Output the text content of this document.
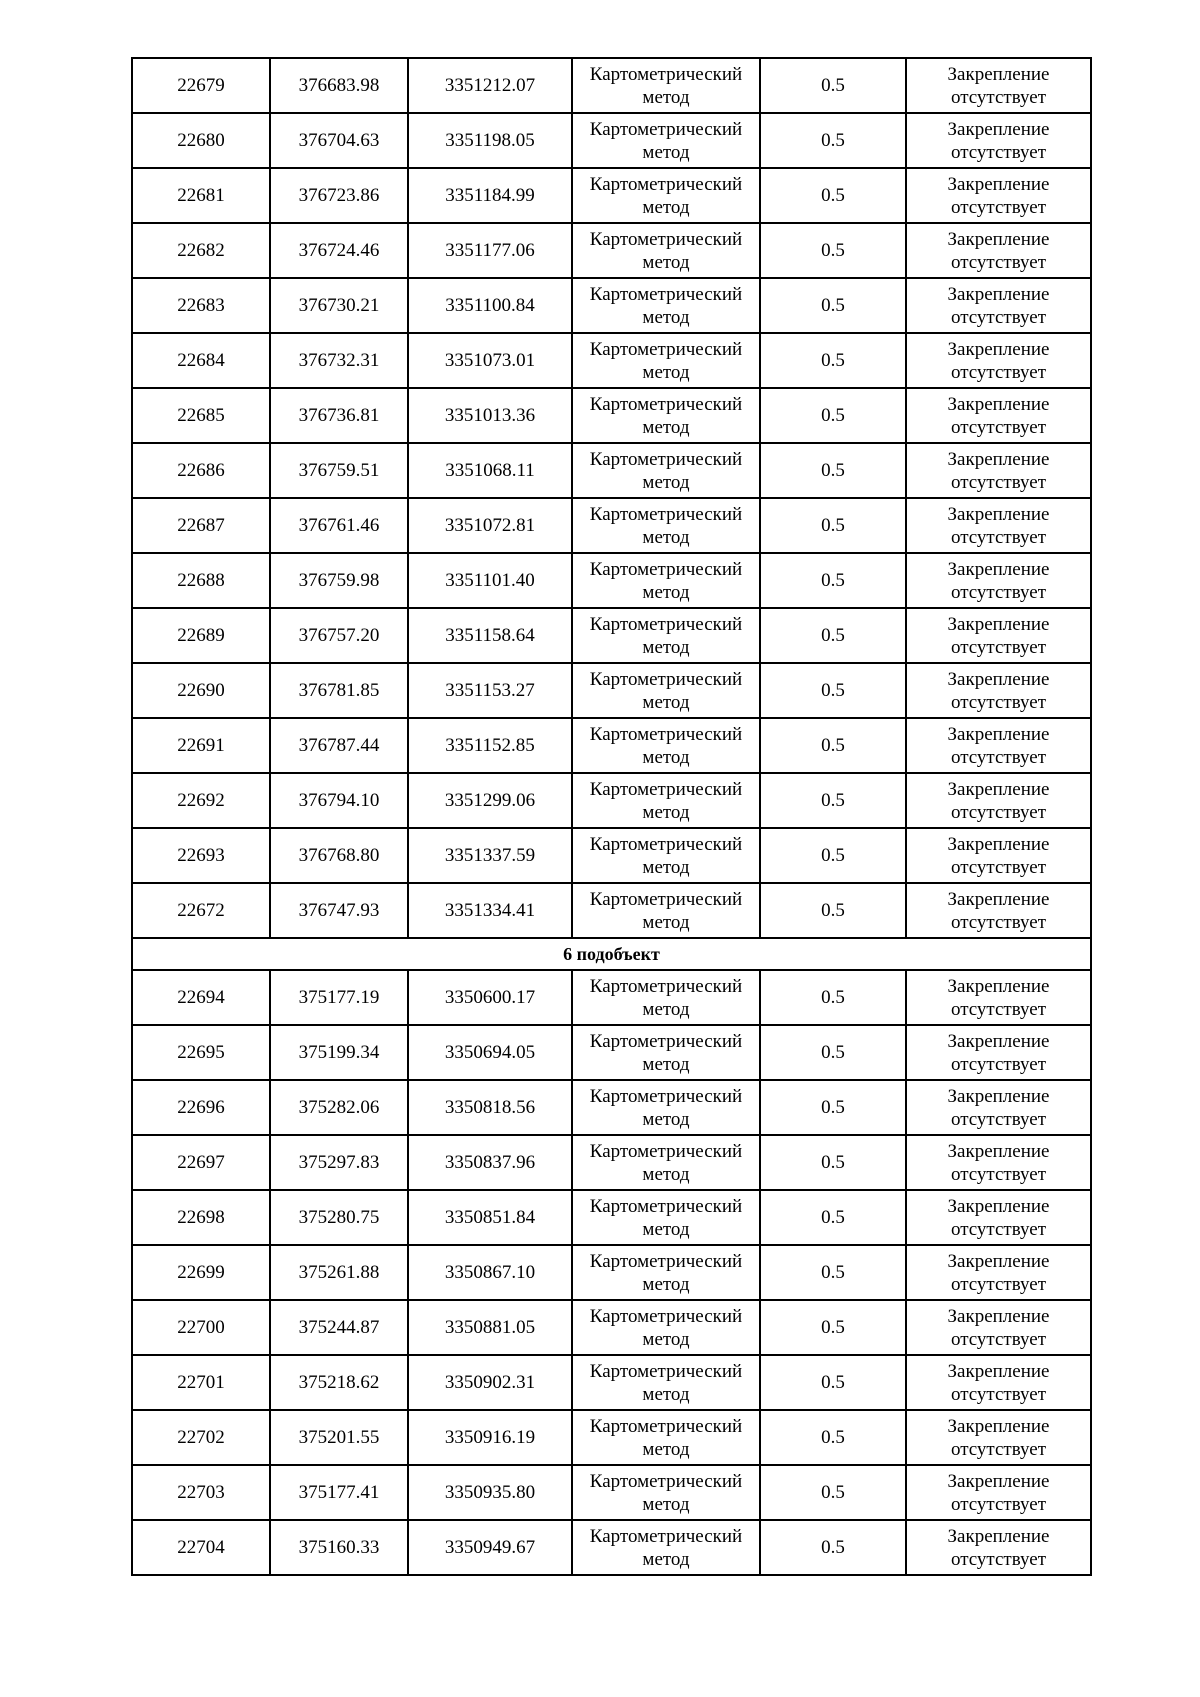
22679	376683.98	3351212.07	Картометрический
метод	0.5	Закрепление
отсутствует

22680	376704.63	3351198.05	Картометрический
метод	0.5	Закрепление
отсутствует

22681	376723.86	3351184.99	Картометрический
метод	0.5	Закрепление
отсутствует

22682	376724.46	3351177.06	Картометрический
метод	0.5	Закрепление
отсутствует

22683	376730.21	3351100.84	Картометрический
метод	0.5	Закрепление
отсутствует

22684	376732.31	3351073.01	Картометрический
метод	0.5	Закрепление
отсутствует

22685	376736.81	3351013.36	Картометрический
метод	0.5	Закрепление
отсутствует

22686	376759.51	3351068.11	Картометрический
метод	0.5	Закрепление
отсутствует

22687	376761.46	3351072.81	Картометрический
метод	0.5	Закрепление
отсутствует

22688	376759.98	3351101.40	Картометрический
метод	0.5	Закрепление
отсутствует

22689	376757.20	3351158.64	Картометрический
метод	0.5	Закрепление
отсутствует

22690	376781.85	3351153.27	Картометрический
метод	0.5	Закрепление
отсутствует

22691	376787.44	3351152.85	Картометрический
метод	0.5	Закрепление
отсутствует

22692	376794.10	3351299.06	Картометрический
метод	0.5	Закрепление
отсутствует

22693	376768.80	3351337.59	Картометрический
метод	0.5	Закрепление
отсутствует

22672	376747.93	3351334.41	Картометрический
метод	0.5	Закрепление
отсутствует

6 подобъект					
22694	375177.19	3350600.17	Картометрический
метод	0.5	Закрепление
отсутствует

22695	375199.34	3350694.05	Картометрический
метод	0.5	Закрепление
отсутствует

22696	375282.06	3350818.56	Картометрический
метод	0.5	Закрепление
отсутствует

22697	375297.83	3350837.96	Картометрический
метод	0.5	Закрепление
отсутствует

22698	375280.75	3350851.84	Картометрический
метод	0.5	Закрепление
отсутствует

22699	375261.88	3350867.10	Картометрический
метод	0.5	Закрепление
отсутствует

22700	375244.87	3350881.05	Картометрический
метод	0.5	Закрепление
отсутствует

22701	375218.62	3350902.31	Картометрический
метод	0.5	Закрепление
отсутствует

22702	375201.55	3350916.19	Картометрический
метод	0.5	Закрепление
отсутствует

22703	375177.41	3350935.80	Картометрический
метод	0.5	Закрепление
отсутствует

22704	375160.33	3350949.67	Картометрический
метод	0.5	Закрепление
отсутствует
